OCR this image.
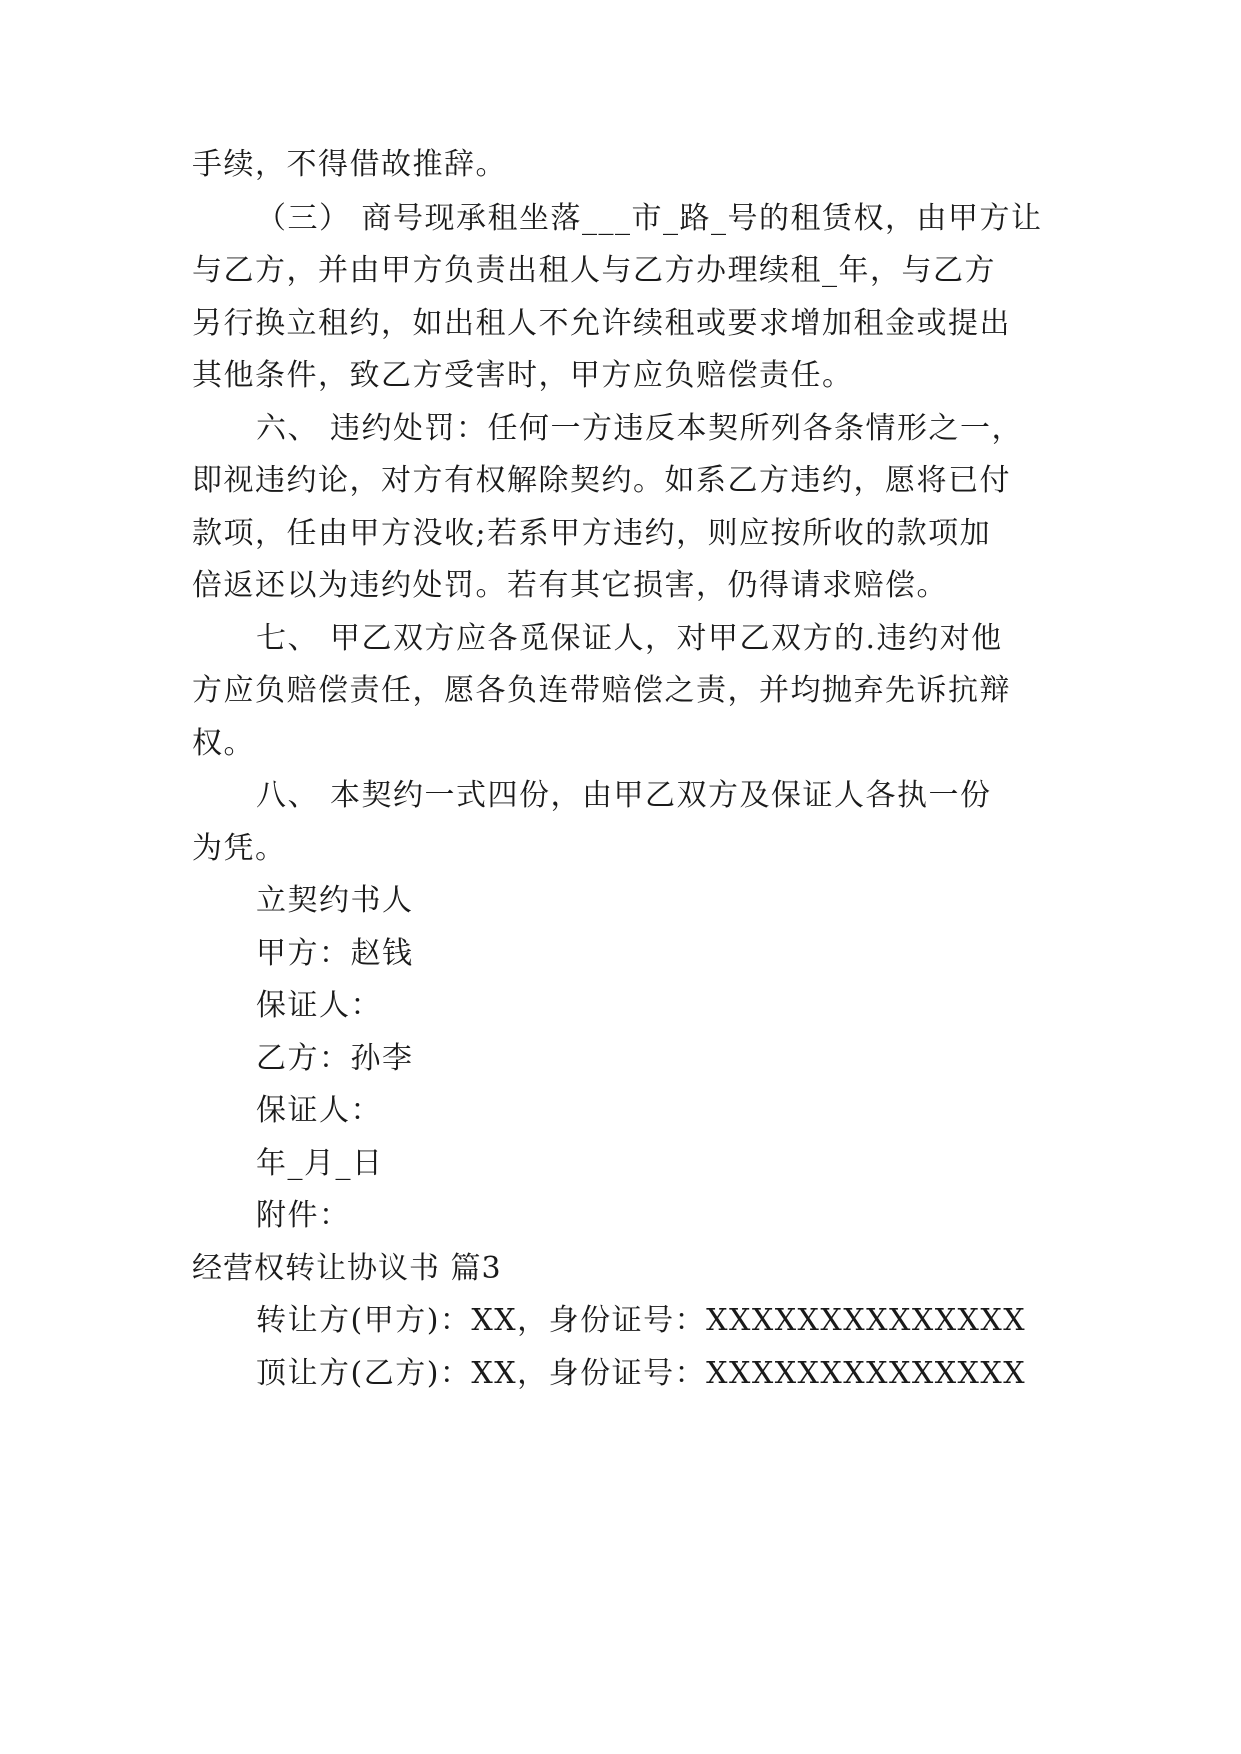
手续，不得借故推辞。
（三） 商号现承租坐落___市_路_号的租赁权，由甲方让
与乙方，并由甲方负责出租人与乙方办理续租_年，与乙方
另行换立租约，如出租人不允许续租或要求增加租金或提出
其他条件，致乙方受害时，甲方应负赔偿责任。
六、 违约处罚：任何一方违反本契所列各条情形之一，
即视违约论，对方有权解除契约。如系乙方违约，愿将已付
款项，任由甲方没收;若系甲方违约，则应按所收的款项加
倍返还以为违约处罚。若有其它损害，仍得请求赔偿。
七、 甲乙双方应各觅保证人，对甲乙双方的.违约对他
方应负赔偿责任，愿各负连带赔偿之责，并均抛弃先诉抗辩
权。
八、 本契约一式四份，由甲乙双方及保证人各执一份
为凭。
立契约书人
甲方：赵钱
保证人：
乙方：孙李
保证人：
年_月_日
附件：
经营权转让协议书 篇3
转让方(甲方)：XX，身份证号：XXXXXXXXXXXXXX
顶让方(乙方)：XX，身份证号：XXXXXXXXXXXXXX
